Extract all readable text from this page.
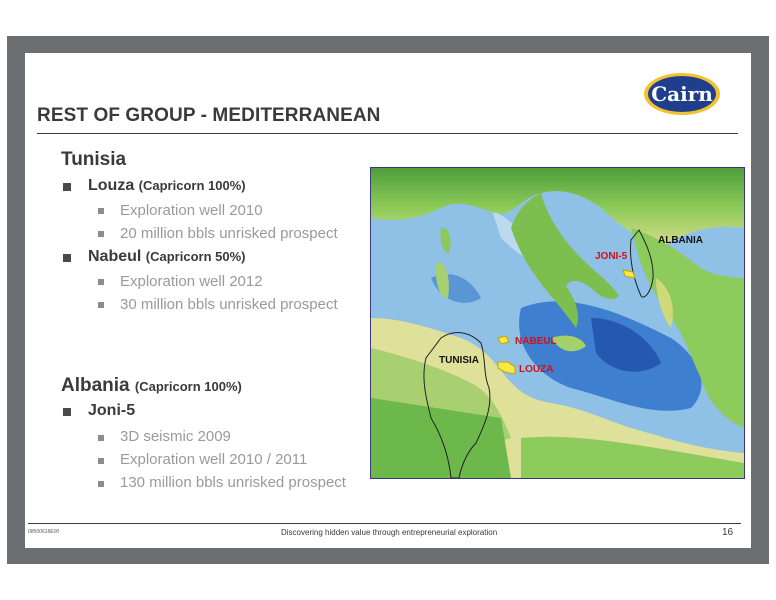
Cairn
REST OF GROUP - MEDITERRANEAN
Tunisia
Louza (Capricorn 100%)
Exploration well 2010
20 million bbls unrisked prospect
Nabeul (Capricorn 50%)
Exploration well 2012
30 million bbls unrisked prospect
Albania (Capricorn 100%)
Joni-5
3D seismic 2009
Exploration well 2010 / 2011
130 million bbls unrisked prospect
ALBANIA
JONI-5
NABEUL
TUNISIA
LOUZA
08500618E00	Discovering hidden value through entrepreneurial exploration	16
